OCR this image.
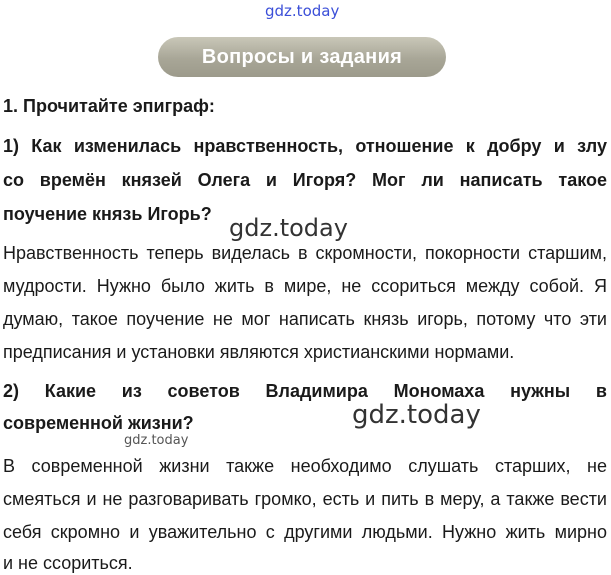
gdz.today
Вопросы и задания
1. Прочитайте эпиграф:
1) Как изменилась нравственность, отношение к добру и злу
со времён князей Олега и Игоря? Мог ли написать такое
поучение князь Игорь? gdz.today
Нравственность теперь виделась в скромности, покорности старшим,
мудрости. Нужно было жить в мире, не ссориться между собой. Я
думаю, такое поучение не мог написать князь игорь, потому что эти
предписания и установки являются христианскими нормами.
2) Какие из советов Владимира Мономаха нужны в
современной жизни?	gdz.today
gdz.today
В современной жизни также необходимо слушать старших, не
смеяться и не разговаривать громко, есть и пить в меру, а также вести
себя скромно и уважительно с другими людьми. Нужно жить мирно
и не ссориться.
